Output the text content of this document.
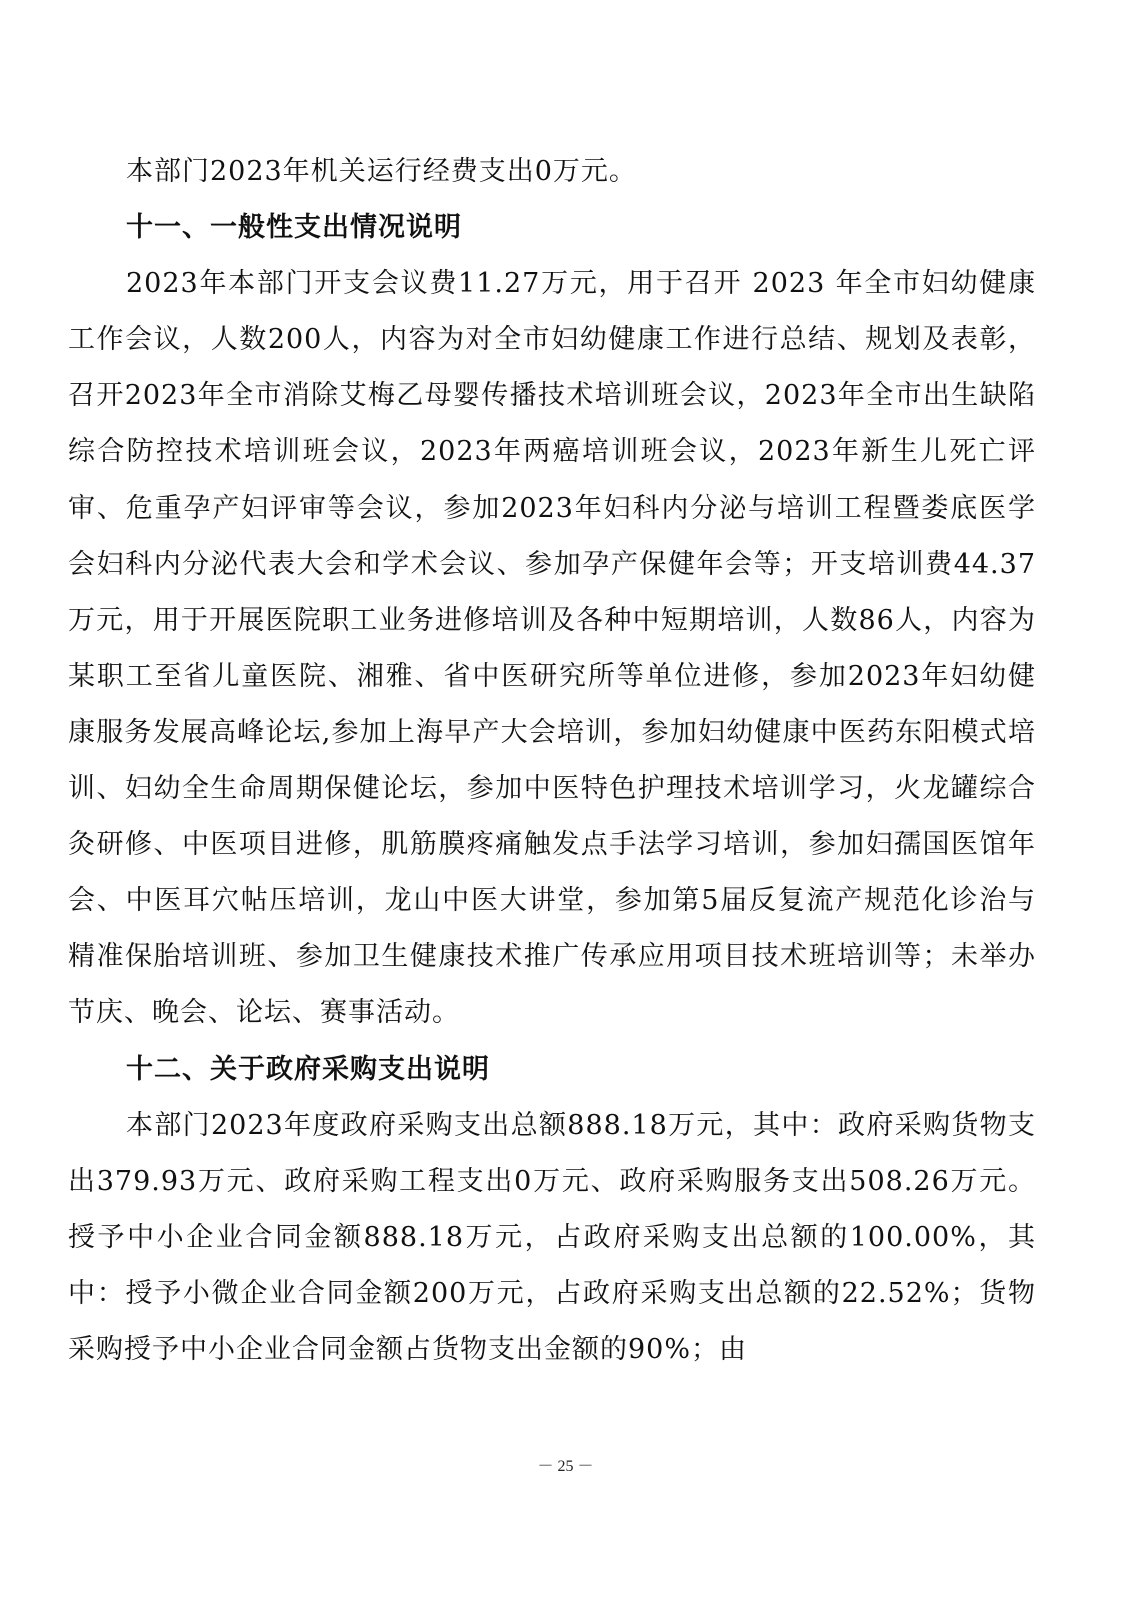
本部门2023年机关运行经费支出0万元。

十一、一般性支出情况说明

2023年本部门开支会议费11.27万元，用于召开 2023 年全市妇幼健康工作会议，人数200人，内容为对全市妇幼健康工作进行总结、规划及表彰，召开2023年全市消除艾梅乙母婴传播技术培训班会议，2023年全市出生缺陷综合防控技术培训班会议，2023年两癌培训班会议，2023年新生儿死亡评审、危重孕产妇评审等会议，参加2023年妇科内分泌与培训工程暨娄底医学会妇科内分泌代表大会和学术会议、参加孕产保健年会等；开支培训费44.37万元，用于开展医院职工业务进修培训及各种中短期培训，人数86人，内容为某职工至省儿童医院、湘雅、省中医研究所等单位进修，参加2023年妇幼健康服务发展高峰论坛,参加上海早产大会培训，参加妇幼健康中医药东阳模式培训、妇幼全生命周期保健论坛，参加中医特色护理技术培训学习，火龙罐综合灸研修、中医项目进修，肌筋膜疼痛触发点手法学习培训，参加妇孺国医馆年会、中医耳穴帖压培训，龙山中医大讲堂，参加第5届反复流产规范化诊治与精准保胎培训班、参加卫生健康技术推广传承应用项目技术班培训等；未举办节庆、晚会、论坛、赛事活动。

十二、关于政府采购支出说明

本部门2023年度政府采购支出总额888.18万元，其中：政府采购货物支出379.93万元、政府采购工程支出0万元、政府采购服务支出508.26万元。授予中小企业合同金额888.18万元，占政府采购支出总额的100.00%，其中：授予小微企业合同金额200万元，占政府采购支出总额的22.52%；货物采购授予中小企业合同金额占货物支出金额的90%；由

－ 25 －
